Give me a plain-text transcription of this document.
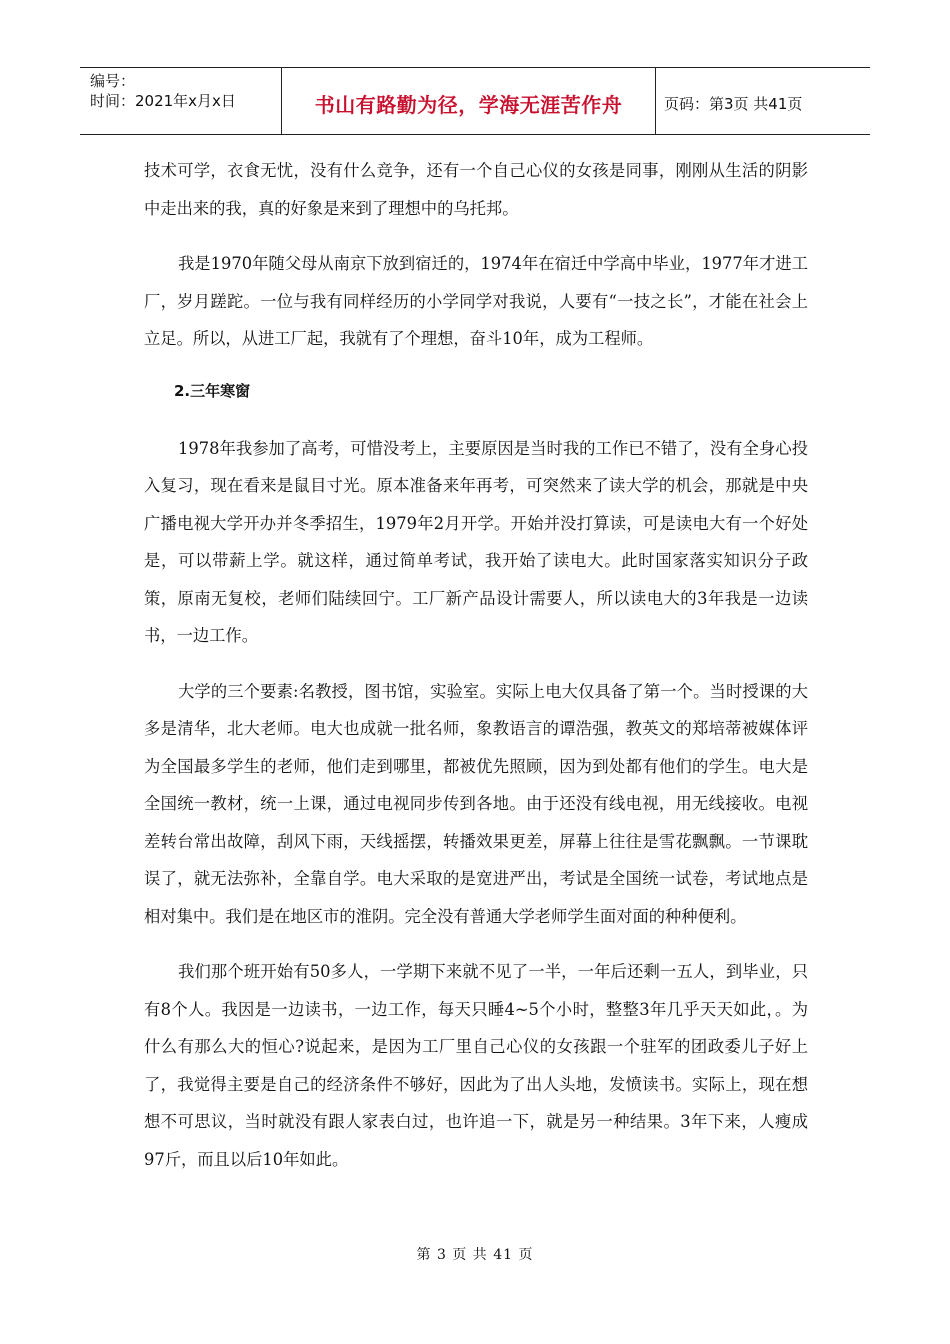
编号：
时间：2021年x月x日	书山有路勤为径，学海无涯苦作舟	页码：第3页 共41页

技术可学，衣食无忧，没有什么竞争，还有一个自己心仪的女孩是同事，刚刚从生活的阴影中走出来的我，真的好象是来到了理想中的乌托邦。

我是1970年随父母从南京下放到宿迁的，1974年在宿迁中学高中毕业，1977年才进工厂，岁月蹉跎。一位与我有同样经历的小学同学对我说，人要有“一技之长”，才能在社会上立足。所以，从进工厂起，我就有了个理想，奋斗10年，成为工程师。

2.三年寒窗

1978年我参加了高考，可惜没考上，主要原因是当时我的工作已不错了，没有全身心投入复习，现在看来是鼠目寸光。原本准备来年再考，可突然来了读大学的机会，那就是中央广播电视大学开办并冬季招生，1979年2月开学。开始并没打算读，可是读电大有一个好处是，可以带薪上学。就这样，通过简单考试，我开始了读电大。此时国家落实知识分子政策，原南无复校，老师们陆续回宁。工厂新产品设计需要人，所以读电大的3年我是一边读书，一边工作。

大学的三个要素:名教授，图书馆，实验室。实际上电大仅具备了第一个。当时授课的大多是清华，北大老师。电大也成就一批名师，象教语言的谭浩强，教英文的郑培蒂被媒体评为全国最多学生的老师，他们走到哪里，都被优先照顾，因为到处都有他们的学生。电大是全国统一教材，统一上课，通过电视同步传到各地。由于还没有线电视，用无线接收。电视差转台常出故障，刮风下雨，天线摇摆，转播效果更差，屏幕上往往是雪花飘飘。一节课耽误了，就无法弥补，全靠自学。电大采取的是宽进严出，考试是全国统一试卷，考试地点是相对集中。我们是在地区市的淮阴。完全没有普通大学老师学生面对面的种种便利。

我们那个班开始有50多人，一学期下来就不见了一半，一年后还剩一五人，到毕业，只有8个人。我因是一边读书，一边工作，每天只睡4~5个小时，整整3年几乎天天如此，。为什么有那么大的恒心?说起来，是因为工厂里自己心仪的女孩跟一个驻军的团政委儿子好上了，我觉得主要是自己的经济条件不够好，因此为了出人头地，发愤读书。实际上，现在想想不可思议，当时就没有跟人家表白过，也许追一下，就是另一种结果。3年下来，人瘦成97斤，而且以后10年如此。

第 3 页 共 41 页
